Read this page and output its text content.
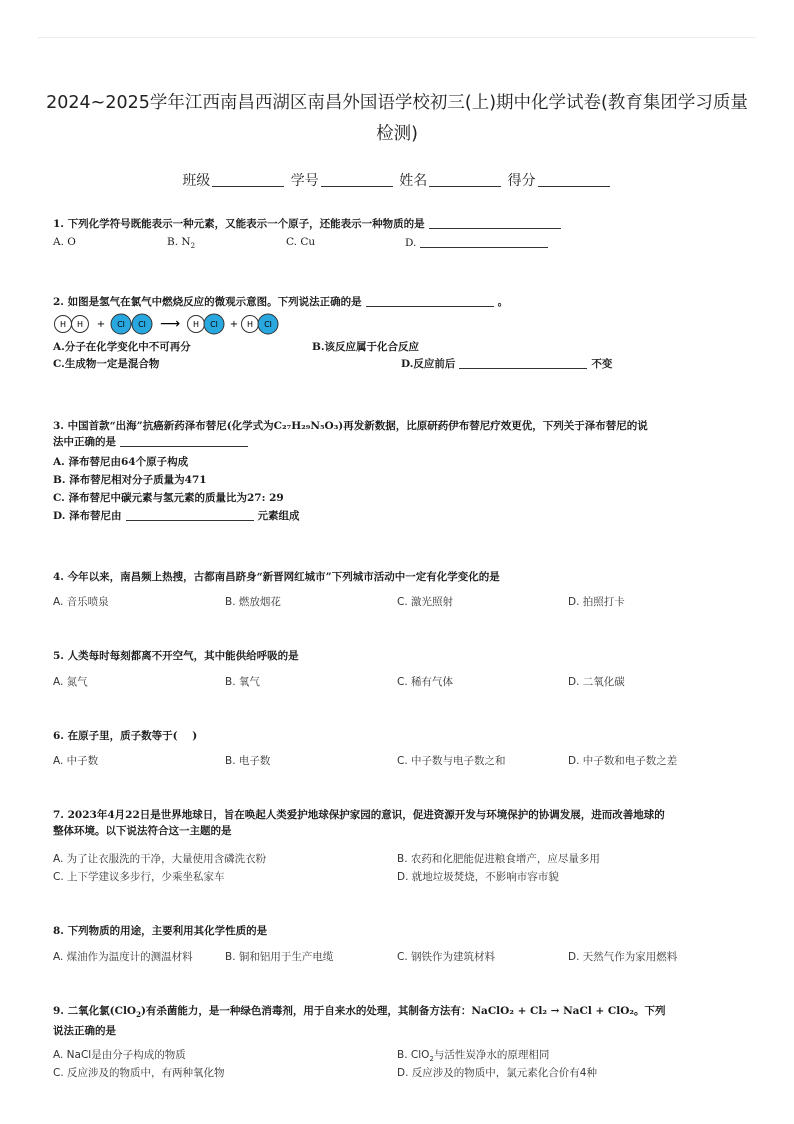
2024~2025学年江西南昌西湖区南昌外国语学校初三(上)期中化学试卷(教育集团学习质量检测)
班级	学号	姓名	得分
1. 下列化学符号既能表示一种元素，又能表示一个原子，还能表示一种物质的是
A. O	B. $N_2$	C. Cu	D.
2. 如图是氢气在氯气中燃烧反应的微观示意图。下列说法正确的是	。
H H + Cl Cl ⟶ H Cl + H Cl
A.分子在化学变化中不可再分	B.该反应属于化合反应
C.生成物一定是混合物	D.反应前后	不变
3. 中国首款“出海”抗癌新药泽布替尼(化学式为C₂₇H₂₉N₅O₃)再发新数据，比原研药伊布替尼疗效更优，下列关于泽布替尼的说
法中正确的是
A. 泽布替尼由64个原子构成
B. 泽布替尼相对分子质量为471
C. 泽布替尼中碳元素与氢元素的质量比为27: 29
D. 泽布替尼由	元素组成
4. 今年以来，南昌频上热搜，古都南昌跻身“新晋网红城市”下列城市活动中一定有化学变化的是
A. 音乐喷泉	B. 燃放烟花	C. 激光照射	D. 拍照打卡
5. 人类每时每刻都离不开空气，其中能供给呼吸的是
A. 氮气	B. 氧气	C. 稀有气体	D. 二氧化碳
6. 在原子里，质子数等于(    )
A. 中子数	B. 电子数	C. 中子数与电子数之和	D. 中子数和电子数之差
7. 2023年4月22日是世界地球日，旨在唤起人类爱护地球保护家园的意识，促进资源开发与环境保护的协调发展，进而改善地球的
整体环境。以下说法符合这一主题的是
A. 为了让衣服洗的干净，大量使用含磷洗衣粉	B. 农药和化肥能促进粮食增产，应尽量多用
C. 上下学建议多步行，少乘坐私家车	D. 就地垃圾焚烧，不影响市容市貌
8. 下列物质的用途，主要利用其化学性质的是
A. 煤油作为温度计的测温材料	B. 铜和铝用于生产电缆	C. 钢铁作为建筑材料	D. 天然气作为家用燃料
9. 二氧化氯(ClO$_2$)有杀菌能力，是一种绿色消毒剂，用于自来水的处理，其制备方法有：NaClO₂ + Cl₂ → NaCl + ClO₂。下列
说法正确的是
A. NaCl是由分子构成的物质	B. ClO$_2$与活性炭净水的原理相同
C. 反应涉及的物质中，有两种氧化物	D. 反应涉及的物质中，氯元素化合价有4种
